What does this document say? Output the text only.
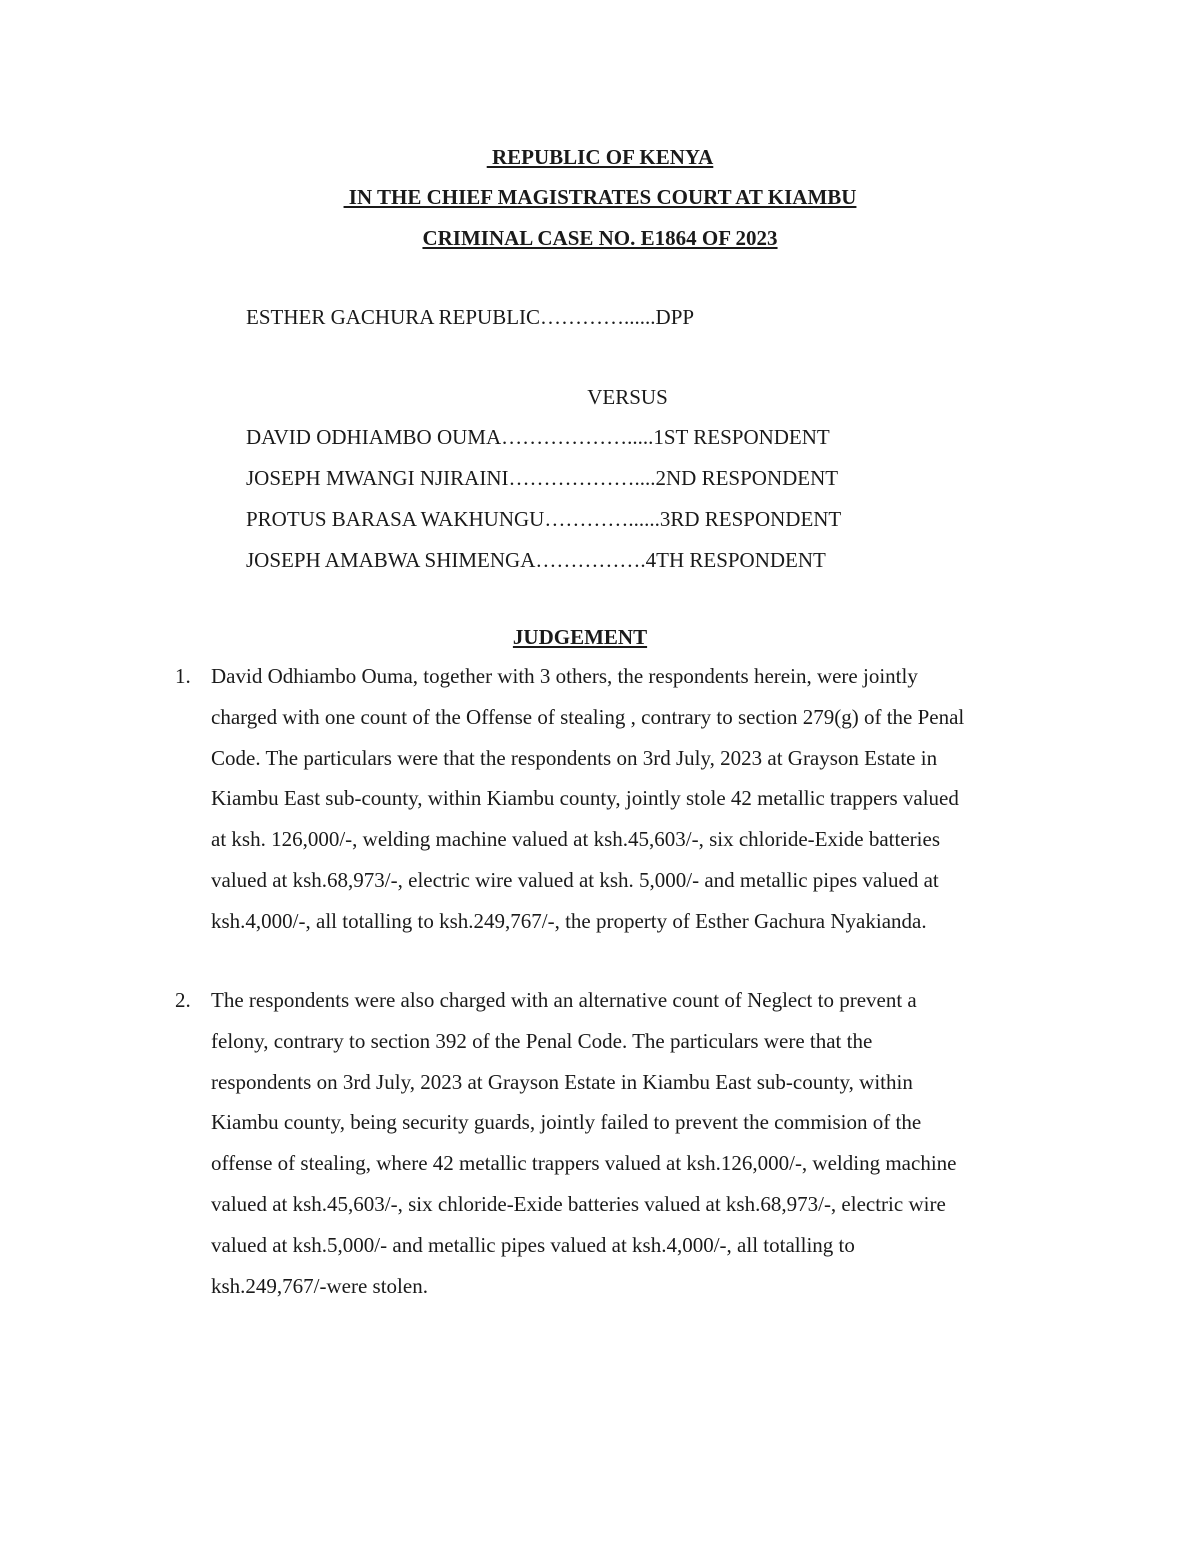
REPUBLIC OF KENYA
IN THE CHIEF MAGISTRATES COURT AT KIAMBU
CRIMINAL CASE NO. E1864 OF 2023
ESTHER GACHURA REPUBLIC…………......DPP
VERSUS
DAVID ODHIAMBO OUMA……………….....1ST RESPONDENT
JOSEPH MWANGI NJIRAINI………………....2ND RESPONDENT
PROTUS BARASA WAKHUNGU…………......3RD RESPONDENT
JOSEPH AMABWA SHIMENGA…………….4TH RESPONDENT
JUDGEMENT
1. David Odhiambo Ouma, together with 3 others, the respondents herein, were jointly
charged with one count of the Offense of stealing , contrary to section 279(g) of the Penal
Code. The particulars were that the respondents on 3rd July, 2023 at Grayson Estate in
Kiambu East sub-county, within Kiambu county, jointly stole 42 metallic trappers valued
at ksh. 126,000/-, welding machine valued at ksh.45,603/-, six chloride-Exide batteries
valued at ksh.68,973/-, electric wire valued at ksh. 5,000/- and metallic pipes valued at
ksh.4,000/-, all totalling to ksh.249,767/-, the property of Esther Gachura Nyakianda.
2. The respondents were also charged with an alternative count of Neglect to prevent a
felony, contrary to section 392 of the Penal Code. The particulars were that the
respondents on 3rd July, 2023 at Grayson Estate in Kiambu East sub-county, within
Kiambu county, being security guards, jointly failed to prevent the commision of the
offense of stealing, where 42 metallic trappers valued at ksh.126,000/-, welding machine
valued at ksh.45,603/-, six chloride-Exide batteries valued at ksh.68,973/-, electric wire
valued at ksh.5,000/- and metallic pipes valued at ksh.4,000/-, all totalling to
ksh.249,767/-were stolen.
